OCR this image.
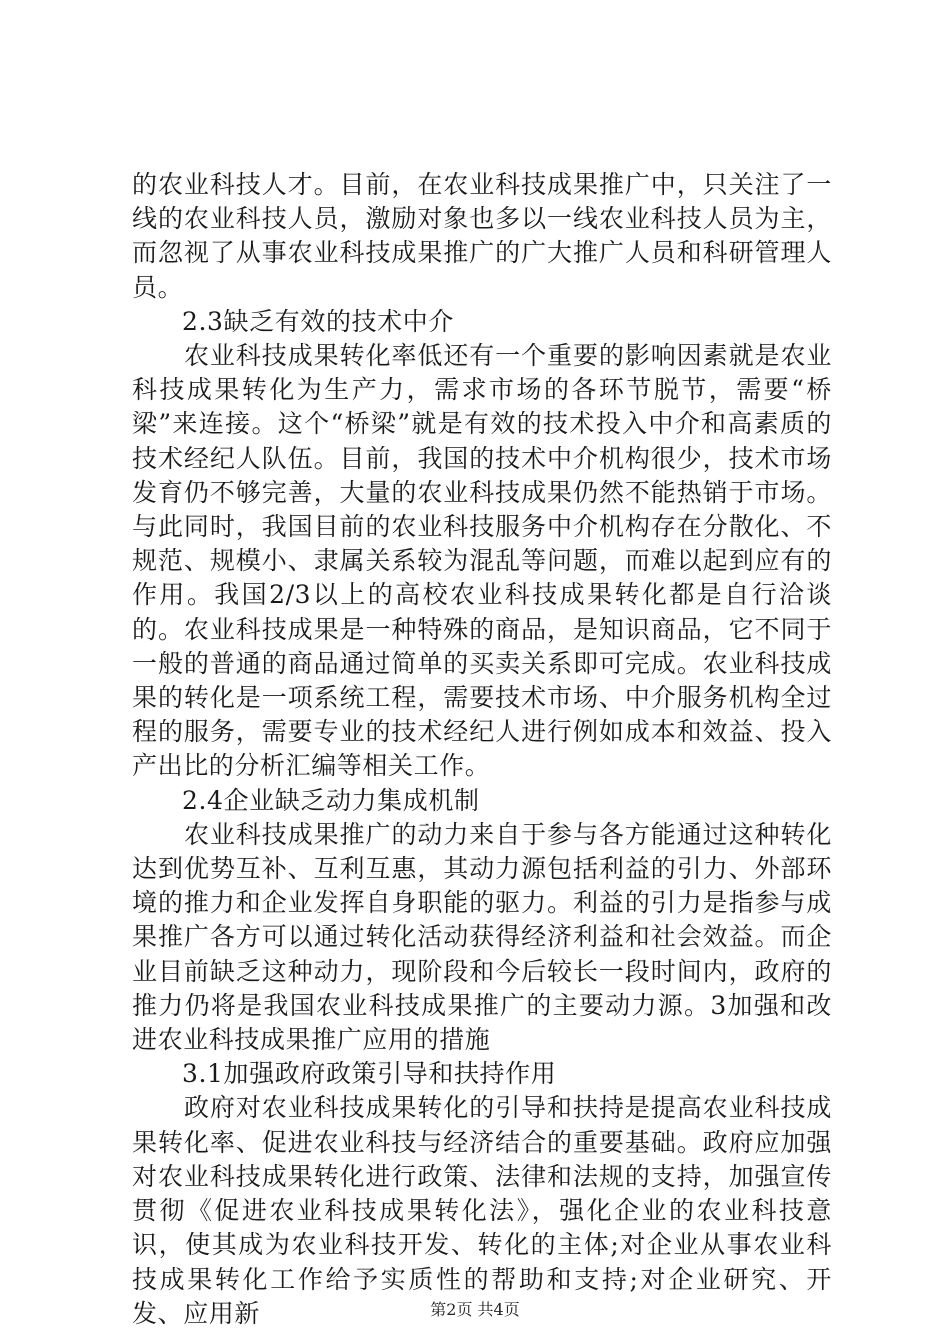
的农业科技人才。目前，在农业科技成果推广中，只关注了一线的农业科技人员，激励对象也多以一线农业科技人员为主，而忽视了从事农业科技成果推广的广大推广人员和科研管理人员。

2.3缺乏有效的技术中介

农业科技成果转化率低还有一个重要的影响因素就是农业科技成果转化为生产力，需求市场的各环节脱节，需要“桥梁”来连接。这个“桥梁”就是有效的技术投入中介和高素质的技术经纪人队伍。目前，我国的技术中介机构很少，技术市场发育仍不够完善，大量的农业科技成果仍然不能热销于市场。与此同时，我国目前的农业科技服务中介机构存在分散化、不规范、规模小、隶属关系较为混乱等问题，而难以起到应有的作用。我国2/3以上的高校农业科技成果转化都是自行洽谈的。农业科技成果是一种特殊的商品，是知识商品，它不同于一般的普通的商品通过简单的买卖关系即可完成。农业科技成果的转化是一项系统工程，需要技术市场、中介服务机构全过程的服务，需要专业的技术经纪人进行例如成本和效益、投入产出比的分析汇编等相关工作。

2.4企业缺乏动力集成机制

农业科技成果推广的动力来自于参与各方能通过这种转化达到优势互补、互利互惠，其动力源包括利益的引力、外部环境的推力和企业发挥自身职能的驱力。利益的引力是指参与成果推广各方可以通过转化活动获得经济利益和社会效益。而企业目前缺乏这种动力，现阶段和今后较长一段时间内，政府的推力仍将是我国农业科技成果推广的主要动力源。3加强和改进农业科技成果推广应用的措施

3.1加强政府政策引导和扶持作用

政府对农业科技成果转化的引导和扶持是提高农业科技成果转化率、促进农业科技与经济结合的重要基础。政府应加强对农业科技成果转化进行政策、法律和法规的支持，加强宣传贯彻《促进农业科技成果转化法》，强化企业的农业科技意识，使其成为农业科技开发、转化的主体;对企业从事农业科技成果转化工作给予实质性的帮助和支持;对企业研究、开发、应用新	第2页 共4页
